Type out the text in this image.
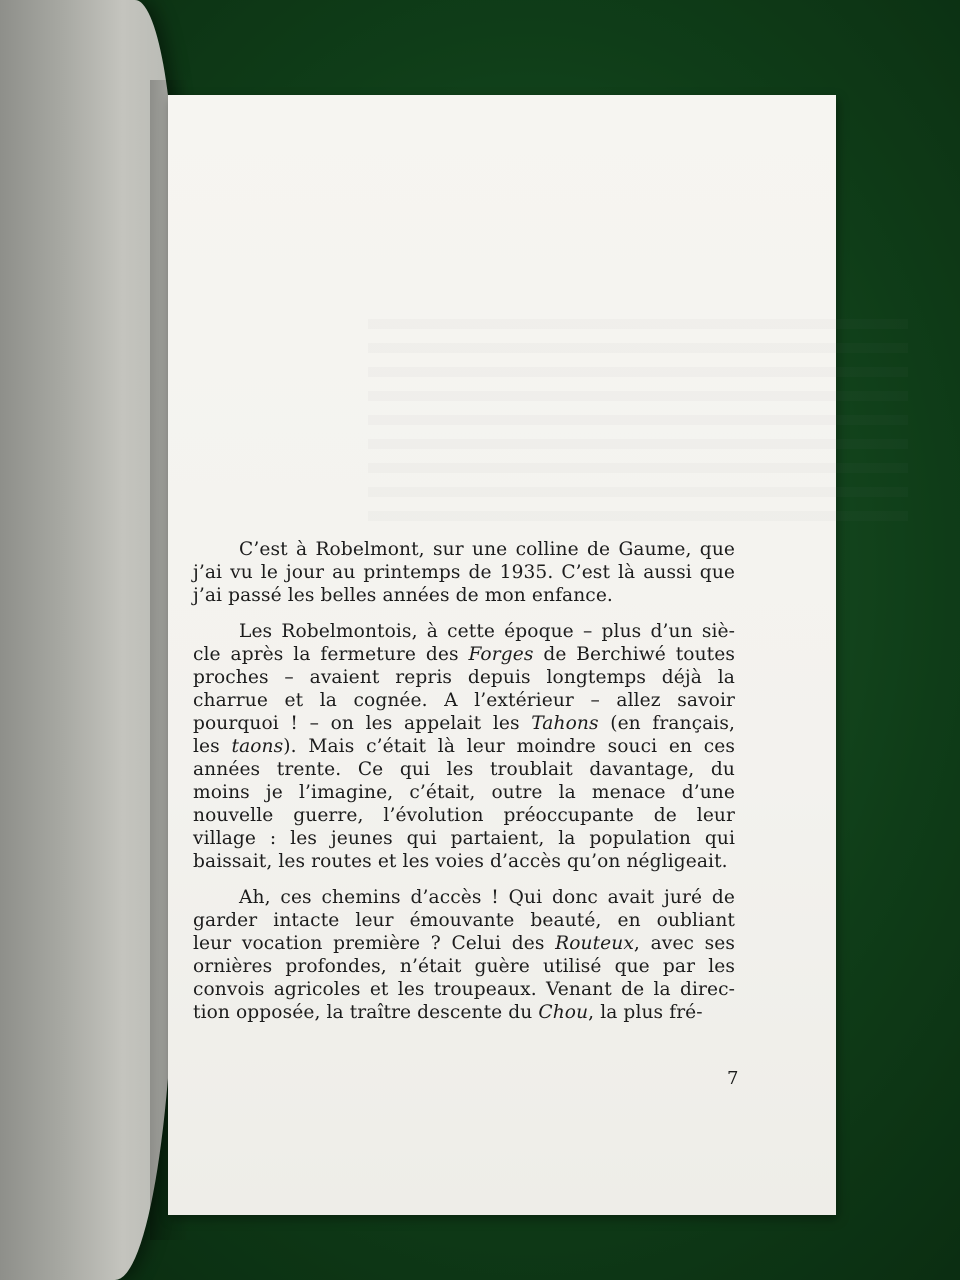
C’est à Robelmont, sur une colline de Gaume, que
j’ai vu le jour au printemps de 1935. C’est là aussi que
j’ai passé les belles années de mon enfance.
Les Robelmontois, à cette époque – plus d’un siè-
cle après la fermeture des Forges de Berchiwé toutes
proches – avaient repris depuis longtemps déjà la
charrue et la cognée. A l’extérieur – allez savoir
pourquoi ! – on les appelait les Tahons (en français,
les taons). Mais c’était là leur moindre souci en ces
années trente. Ce qui les troublait davantage, du
moins je l’imagine, c’était, outre la menace d’une
nouvelle guerre, l’évolution préoccupante de leur
village : les jeunes qui partaient, la population qui
baissait, les routes et les voies d’accès qu’on négligeait.
Ah, ces chemins d’accès ! Qui donc avait juré de
garder intacte leur émouvante beauté, en oubliant
leur vocation première ? Celui des Routeux, avec ses
ornières profondes, n’était guère utilisé que par les
convois agricoles et les troupeaux. Venant de la direc-
tion opposée, la traître descente du Chou, la plus fré-
7
